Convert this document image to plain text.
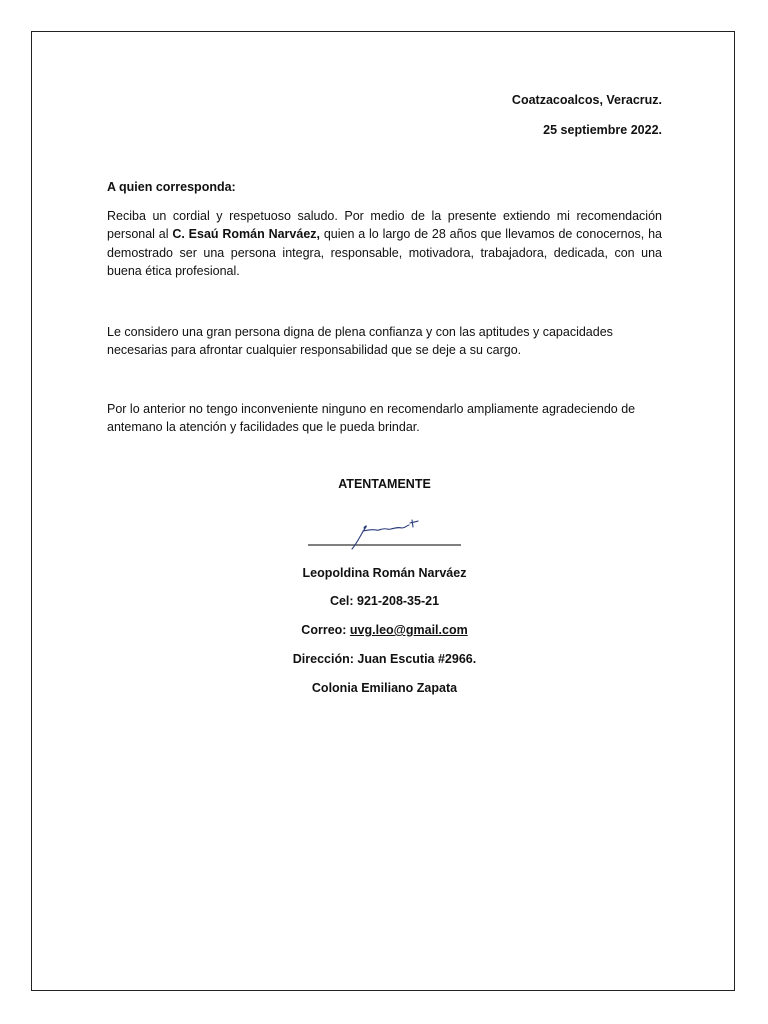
Coatzacoalcos, Veracruz.
25 septiembre 2022.
A quien corresponda:

Reciba un cordial y respetuoso saludo. Por medio de la presente extiendo mi recomendación personal al C. Esaú Román Narváez, quien a lo largo de 28 años que llevamos de conocernos, ha demostrado ser una persona integra, responsable, motivadora, trabajadora, dedicada, con una buena ética profesional.

Le considero una gran persona digna de plena confianza y con las aptitudes y capacidades
necesarias para afrontar cualquier responsabilidad que se deje a su cargo.

Por lo anterior no tengo inconveniente ninguno en recomendarlo ampliamente agradeciendo de
antemano la atención y facilidades que le pueda brindar.

ATENTAMENTE
Leopoldina Román Narváez
Cel: 921-208-35-21
Correo: uvg.leo@gmail.com
Dirección: Juan Escutia #2966.
Colonia Emiliano Zapata
